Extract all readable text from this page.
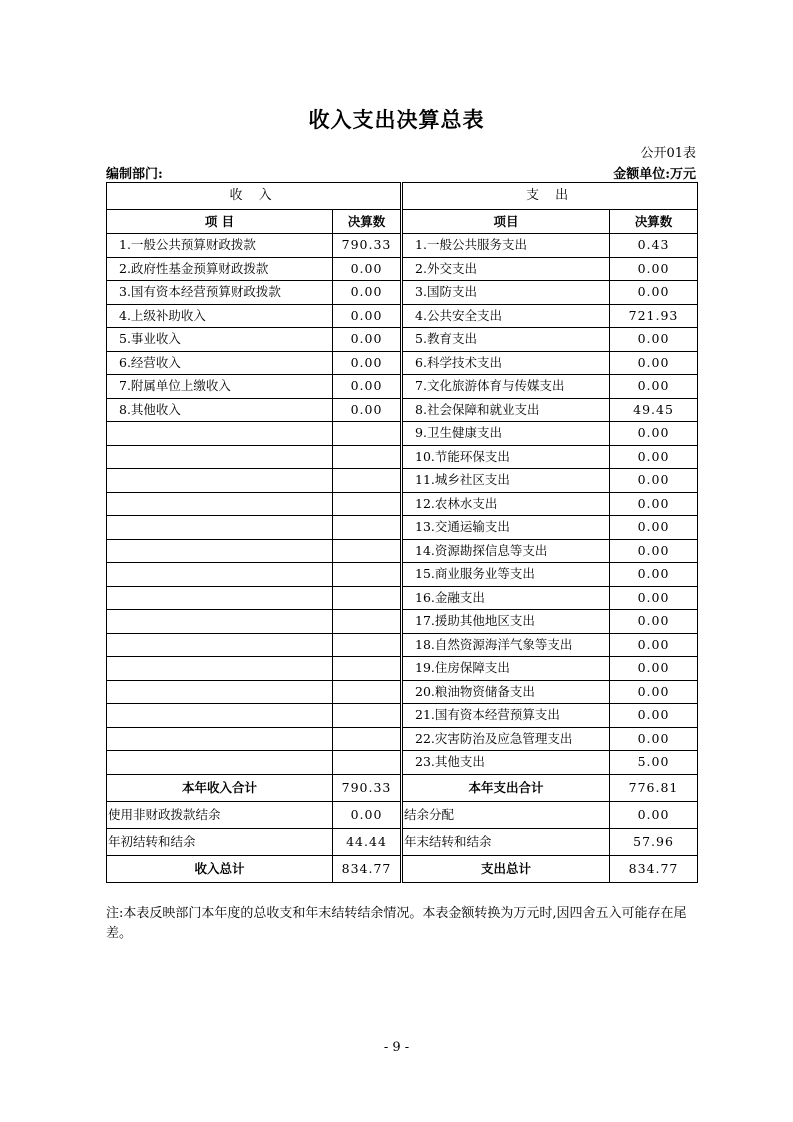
收入支出决算总表
公开01表
编制部门:	金额单位:万元
收 入			支 出	
项 目	决算数		项目	决算数
1.一般公共预算财政拨款	790.33		1.一般公共服务支出	0.43
2.政府性基金预算财政拨款	0.00		2.外交支出	0.00
3.国有资本经营预算财政拨款	0.00		3.国防支出	0.00
4.上级补助收入	0.00		4.公共安全支出	721.93
5.事业收入	0.00		5.教育支出	0.00
6.经营收入	0.00		6.科学技术支出	0.00
7.附属单位上缴收入	0.00		7.文化旅游体育与传媒支出	0.00
8.其他收入	0.00		8.社会保障和就业支出	49.45
			9.卫生健康支出	0.00
			10.节能环保支出	0.00
			11.城乡社区支出	0.00
			12.农林水支出	0.00
			13.交通运输支出	0.00
			14.资源勘探信息等支出	0.00
			15.商业服务业等支出	0.00
			16.金融支出	0.00
			17.援助其他地区支出	0.00
			18.自然资源海洋气象等支出	0.00
			19.住房保障支出	0.00
			20.粮油物资储备支出	0.00
			21.国有资本经营预算支出	0.00
			22.灾害防治及应急管理支出	0.00
			23.其他支出	5.00
本年收入合计	790.33		本年支出合计	776.81
使用非财政拨款结余	0.00		结余分配	0.00
年初结转和结余	44.44		年末结转和结余	57.96
收入总计	834.77		支出总计	834.77
注:本表反映部门本年度的总收支和年末结转结余情况。本表金额转换为万元时,因四舍五入可能存在尾差。
- 9 -
